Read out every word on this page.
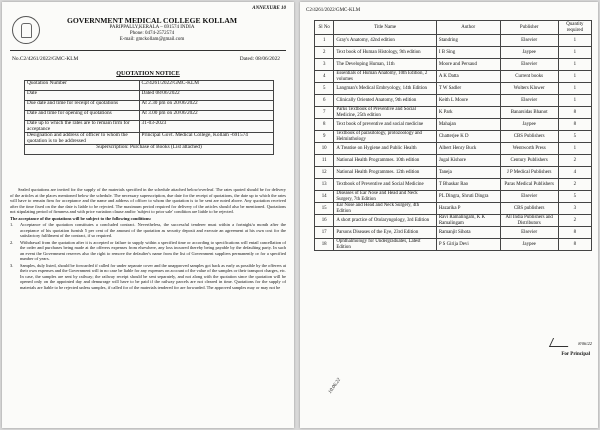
ANNEXURE 10
GOVERNMENT MEDICAL COLLEGE KOLLAM
PARIPPALLY,KERALA – 691574 INDIA
Phone: 0474-2572574
E-mail: gmckollam@gmail.com
No.C2/4261/2022/GMC-KLM	Dated: 08/06/2022
QUOTATION NOTICE
Quotation Number	C2/4261/2022/GMC-KLM
Date	Dated 08/06/2022
Due date and time for receipt of quotations	At 2.30 pm on 20/06/2022
Date and time for opening of quotations	At 3.00 pm on 20/06/2022
Date up to which the rates are to remain firm for acceptance	31-03-2023
Designation and address of officer to whom the quotation is to be addressed	Principal Govt. Medical College, Kollam -691574
Superscription: Purchase of Books (List attached)	

Sealed quotations are invited for the supply of the materials specified in the schedule attached below/overleaf. The rates quoted should be for delivery of the articles at the places mentioned below the schedule. The necessary superscription, due date for the receipt of quotations, the date up to which the rates will have to remain firm for acceptance and the name and address of officer to whom the quotation is to be sent are noted above. Any quotation received after the time fixed on the due date is liable to be rejected. The maximum period required for delivery of the articles should also be mentioned. Quotations not stipulating period of firmness and with price variation clause and/or 'subject to prior sale' condition are liable to be rejected.

The acceptance of the quotations will be subject to the following conditions:

1.	Acceptance of the quotation constitutes a concluded contract. Nevertheless, the successful tenderer must within a fortnight/a month after the acceptance of his quotation furnish 5 per cent of the amount of the quotation as security deposit and execute an agreement at his own cost for the satisfactory fulfilment of the contract, if so required.
2.	Withdrawal from the quotation after it is accepted or failure to supply within a specified time or according to specifications will entail cancellation of the order and purchases being made at the offerers expenses from elsewhere, any loss incurred thereby being payable by the defaulting party. In such an event the Government reserves also the right to remove the defaulter's name from the list of Government suppliers permanently or for a specified number of years.
3.	Samples, duly listed, should be forwarded if called for under separate cover and the unapproved samples got back as early as possible by the offerers at their own expenses and the Government will in no case be liable for any expenses on account of the value of the samples or their transport charges, etc. In case, the samples are sent by railway; the railway receipt should be sent separately, and not along with the quotation since the quotation will be opened only on the appointed day and demurrage will have to be paid if the railway parcels are not cleared in time. Quotations for the supply of materials are liable to be rejected unless samples, if called for of the materials tendered for are forwarded. The approved samples may or may not be
C2/4261/2022/GMC-KLM
Sl No	Title Name	Author	Publisher	Quantity required
1	Gray's Anatomy, 42nd edition	Standring	Elsevier	1
2	Text book of Human Histology, 9th edition	I B Sing	Jaypee	1
3	The Developing Human, 11th	Moore and Persaud	Elsevier	1
4	Essentials of Human Anatomy, 10th Edition, 2 volumes	A K Datta	Current books	1
5	Langman's Medical Embryology, 14th Edition	T W Sadler	Wolters Kluwer	1
6	Clinically Oriented Anatomy, 9th edition	Keith L Moore	Elsevier	1
7	Parks Textbook of Preventive and Social Medicine, 25th edition	K Park	Banarsidas Bhanot	8
8	Text book of preventive and social medicine	Mahajan	Jaypee	8
9	Textbook of parasitology, protozoology and Helminthology	Chatterjee K D	CBS Publishers	5
10	A Treatise on Hygiene and Public Health	Albert Henry Buck	Wentworth Press	1
11	National Health Programmes. 10th edition	Jugal Kishore	Century Publishers	2
12	National Health Programmes. 12th edition	Taneja	J P Medical Publishers	4
13	Textbook of Preventive and Social Medicine	T Bhaskar Rao	Paras Medical Publishers	2
14	Diseases of Ear Nose and Head and Neck Surgery, 7th Edition	PL Dingra, Shruti Dingra	Elsevier	5
15	Ear Nose and Head and Neck Surgery, 4th Edition	Hazarika P	CBS publishers	3
16	A short practice of Otolaryngology, 3rd Edition	Ravi Ramalingam, K K Ramalingam	All India Publishers and Distributors	2
17	Parsons Diseases of the Eye, 23rd Edition	Ramanjit Sihota	Elsevier	8
18	Ophthalmology for Undergraduates, Latest Edition	P S Girija Devi	Jaypee	8
8/06/22
For Principal
10.06.22
